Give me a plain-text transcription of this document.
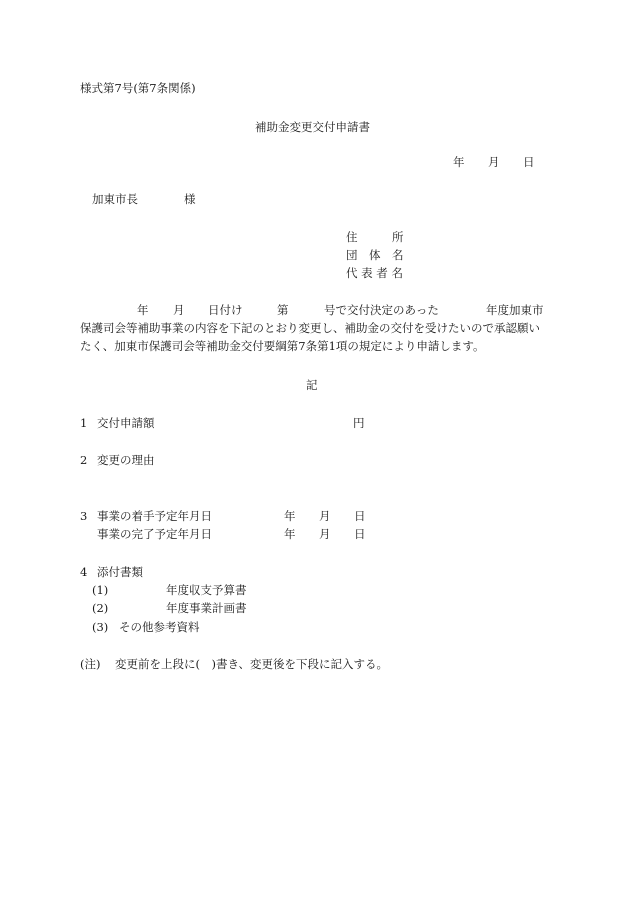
様式第7号(第7条関係)
補助金変更交付申請書
年 月 日
加東市長	様
住　　　所
団　体　名
代 表 者 名
年 月 日付け	第	号で交付決定のあった	年度加東市
保護司会等補助事業の内容を下記のとおり変更し、補助金の交付を受けたいので承認願い
たく、加東市保護司会等補助金交付要綱第7条第1項の規定により申請します。
記
1 交付申請額	円
2 変更の理由
3 事業の着手予定年月日	年 月 日
事業の完了予定年月日	年 月 日
4 添付書類
(1)	年度収支予算書
(2)	年度事業計画書
(3) その他参考資料
(注) 変更前を上段に(　)書き、変更後を下段に記入する。
